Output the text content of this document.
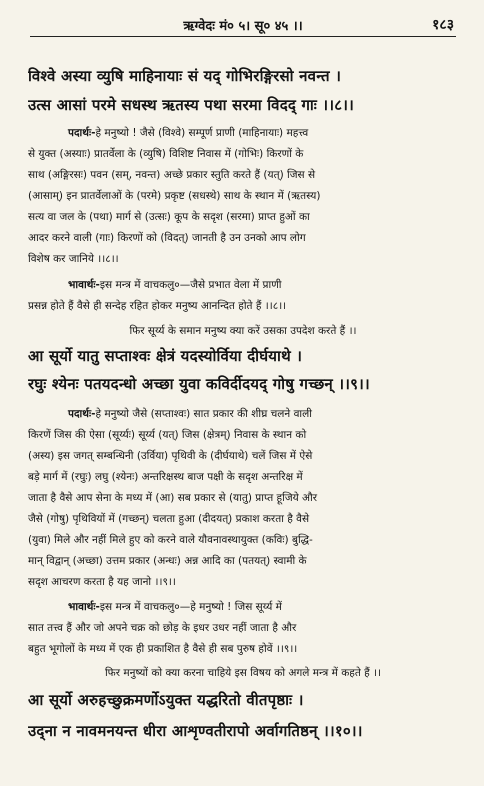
ऋग्वेदः मं० ५। सू० ४५ ।।	१८३
विश्वे अस्या व्युषि माहिनायाः सं यद् गोभिरङ्गिरसो नवन्त ।
उत्स आसां परमे सधस्थ ऋतस्य पथा सरमा विदद् गाः ।।८।।
पदार्थः-हे मनुष्यो ! जैसे (विश्वे) सम्पूर्ण प्राणी (माहिनायाः) महत्त्व
से युक्त (अस्याः) प्रातर्वेला के (व्युषि) विशिष्ट निवास में (गोभिः) किरणों के
साथ (अङ्गिरसः) पवन (सम्, नवन्त) अच्छे प्रकार स्तुति करते हैं (यत्) जिस से
(आसाम्) इन प्रातर्वेलाओं के (परमे) प्रकृष्ट (सधस्थे) साथ के स्थान में (ऋतस्य)
सत्य वा जल के (पथा) मार्ग से (उत्सः) कूप के सदृश (सरमा) प्राप्त हुओं का
आदर करने वाली (गाः) किरणों को (विदत्) जानती है उन उनको आप लोग
विशेष कर जानिये ।।८।।
भावार्थः-इस मन्त्र में वाचकलु०—जैसे प्रभात वेला में प्राणी
प्रसन्न होते हैं वैसे ही सन्देह रहित होकर मनुष्य आनन्दित होते हैं ।।८।।
फिर सूर्य्य के समान मनुष्य क्या करें उसका उपदेश करते हैं ।।
आ सूर्यो यातु सप्ताश्वः क्षेत्रं यदस्योर्विया दीर्घयाथे ।
रघुः श्येनः पतयदन्धो अच्छा युवा कविर्दीदयद् गोषु गच्छन् ।।९।।
पदार्थः-हे मनुष्यो जैसे (सप्ताश्वः) सात प्रकार की शीघ्र चलने वाली
किरणें जिस की ऐसा (सूर्य्यः) सूर्य्य (यत्) जिस (क्षेत्रम्) निवास के स्थान को
(अस्य) इस जगत् सम्बन्धिनी (उर्विया) पृथिवी के (दीर्घयाथे) चलें जिस में ऐसे
बड़े मार्ग में (रघुः) लघु (श्येनः) अन्तरिक्षस्थ बाज पक्षी के सदृश अन्तरिक्ष में
जाता है वैसे आप सेना के मध्य में (आ) सब प्रकार से (यातु) प्राप्त हूजिये और
जैसे (गोषु) पृथिवियों में (गच्छन्) चलता हुआ (दीदयत्) प्रकाश करता है वैसे
(युवा) मिले और नहीं मिले हुए को करने वाले यौवनावस्थायुक्त (कविः) बुद्धि-
मान् विद्वान् (अच्छा) उत्तम प्रकार (अन्धः) अन्न आदि का (पतयत्) स्वामी के
सदृश आचरण करता है यह जानो ।।९।।
भावार्थः-इस मन्त्र में वाचकलु०—हे मनुष्यो ! जिस सूर्य्य में
सात तत्त्व हैं और जो अपने चक्र को छोड़ के इधर उधर नहीं जाता है और
बहुत भूगोलों के मध्य में एक ही प्रकाशित है वैसे ही सब पुरुष होवें ।।९।।
फिर मनुष्यों को क्या करना चाहिये इस विषय को अगले मन्त्र में कहते हैं ।।
आ सूर्यो अरुहच्छुक्रमर्णोऽयुक्त यद्धरितो वीतपृष्ठाः ।
उद्ना न नावमनयन्त धीरा आशृण्वतीरापो अर्वागतिष्ठन् ।।१०।।
